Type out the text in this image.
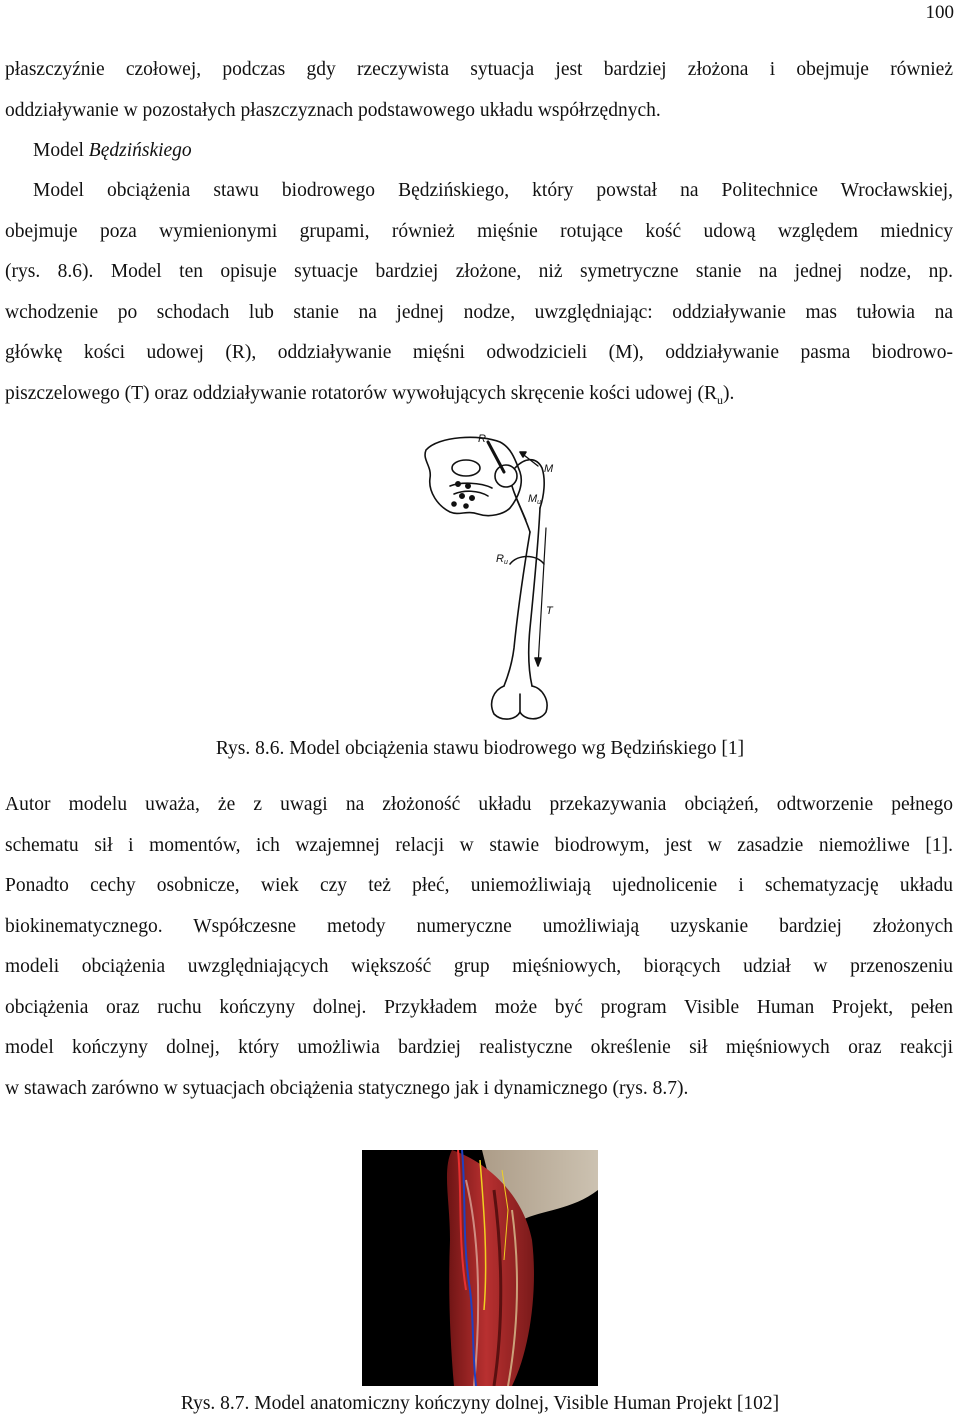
100
płaszczyźnie czołowej, podczas gdy rzeczywista sytuacja jest bardziej złożona i obejmuje również
oddziaływanie w pozostałych płaszczyznach podstawowego układu współrzędnych.
Model Będzińskiego
Model obciążenia stawu biodrowego Będzińskiego, który powstał na Politechnice Wrocławskiej,
obejmuje poza wymienionymi grupami, również mięśnie rotujące kość udową względem miednicy
(rys. 8.6). Model ten opisuje sytuacje bardziej złożone, niż symetryczne stanie na jednej nodze, np.
wchodzenie po schodach lub stanie na jednej nodze, uwzględniając: oddziaływanie mas tułowia na
główkę kości udowej (R), oddziaływanie mięśni odwodzicieli (M), oddziaływanie pasma biodrowo-
piszczelowego (T) oraz oddziaływanie rotatorów wywołujących skręcenie kości udowej $(R_u)$.
R
M
Mu
Ru
T
Rys. 8.6. Model obciążenia stawu biodrowego wg Będzińskiego [1]
Autor modelu uważa, że z uwagi na złożoność układu przekazywania obciążeń, odtworzenie pełnego
schematu sił i momentów, ich wzajemnej relacji w stawie biodrowym, jest w zasadzie niemożliwe [1].
Ponadto cechy osobnicze, wiek czy też płeć, uniemożliwiają ujednolicenie i schematyzację układu
biokinematycznego. Współczesne metody numeryczne umożliwiają uzyskanie bardziej złożonych
modeli obciążenia uwzględniających większość grup mięśniowych, biorących udział w przenoszeniu
obciążenia oraz ruchu kończyny dolnej. Przykładem może być program Visible Human Projekt, pełen
model kończyny dolnej, który umożliwia bardziej realistyczne określenie sił mięśniowych oraz reakcji
w stawach zarówno w sytuacjach obciążenia statycznego jak i dynamicznego (rys. 8.7).
Rys. 8.7. Model anatomiczny kończyny dolnej, Visible Human Projekt [102]
